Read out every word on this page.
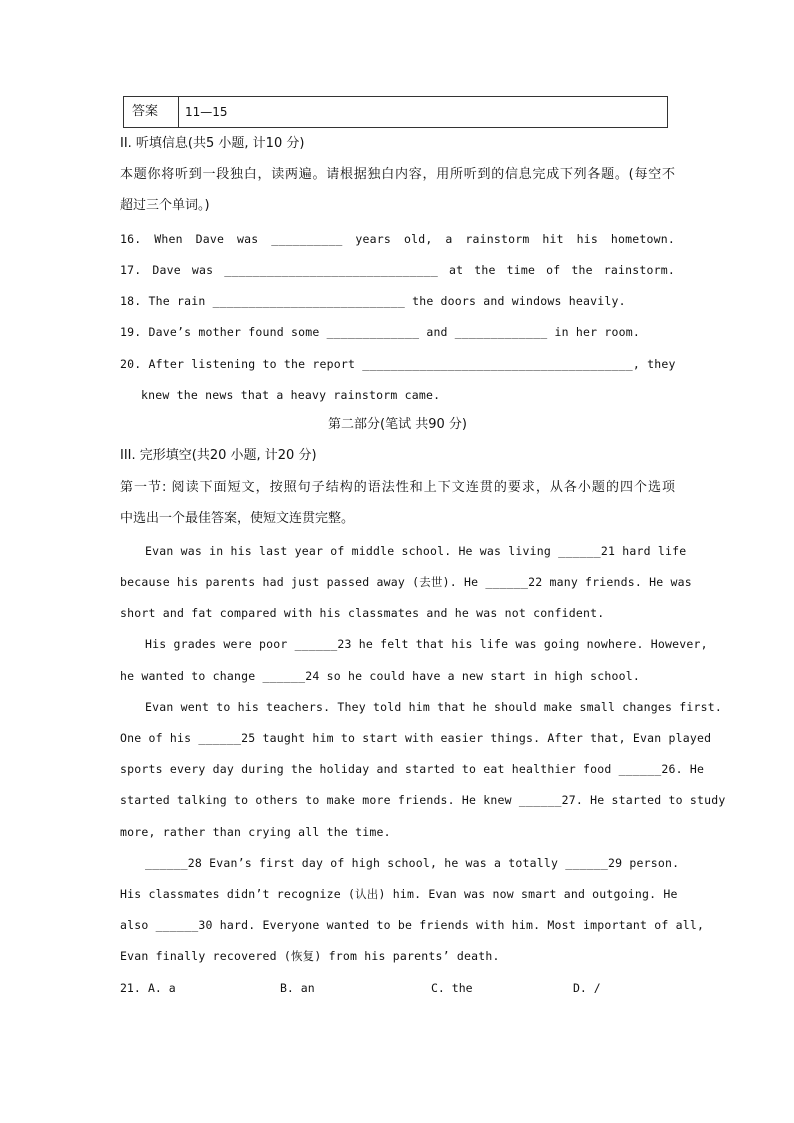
答案	11—15
II. 听填信息(共5 小题, 计10 分)
本题你将听到一段独白，读两遍。请根据独白内容，用所听到的信息完成下列各题。(每空不
超过三个单词。)
16. When Dave was __________ years old, a rainstorm hit his hometown.
17. Dave was ______________________________ at the time of the rainstorm.
18. The rain ___________________________ the doors and windows heavily.
19. Dave’s mother found some _____________ and _____________ in her room.
20. After listening to the report ______________________________________, they
knew the news that a heavy rainstorm came.
第二部分(笔试 共90 分)
III. 完形填空(共20 小题, 计20 分)
第一节: 阅读下面短文，按照句子结构的语法性和上下文连贯的要求，从各小题的四个选项
中选出一个最佳答案，使短文连贯完整。
Evan was in his last year of middle school. He was living ______21 hard life
because his parents had just passed away (去世). He ______22 many friends. He was
short and fat compared with his classmates and he was not confident.
His grades were poor ______23 he felt that his life was going nowhere. However,
he wanted to change ______24 so he could have a new start in high school.
Evan went to his teachers. They told him that he should make small changes first.
One of his ______25 taught him to start with easier things. After that, Evan played
sports every day during the holiday and started to eat healthier food ______26. He
started talking to others to make more friends. He knew ______27. He started to study
more, rather than crying all the time.
______28 Evan’s first day of high school, he was a totally ______29 person.
His classmates didn’t recognize (认出) him. Evan was now smart and outgoing. He
also ______30 hard. Everyone wanted to be friends with him. Most important of all,
Evan finally recovered (恢复) from his parents’ death.
21. A. a	B. an	C. the	D. /
